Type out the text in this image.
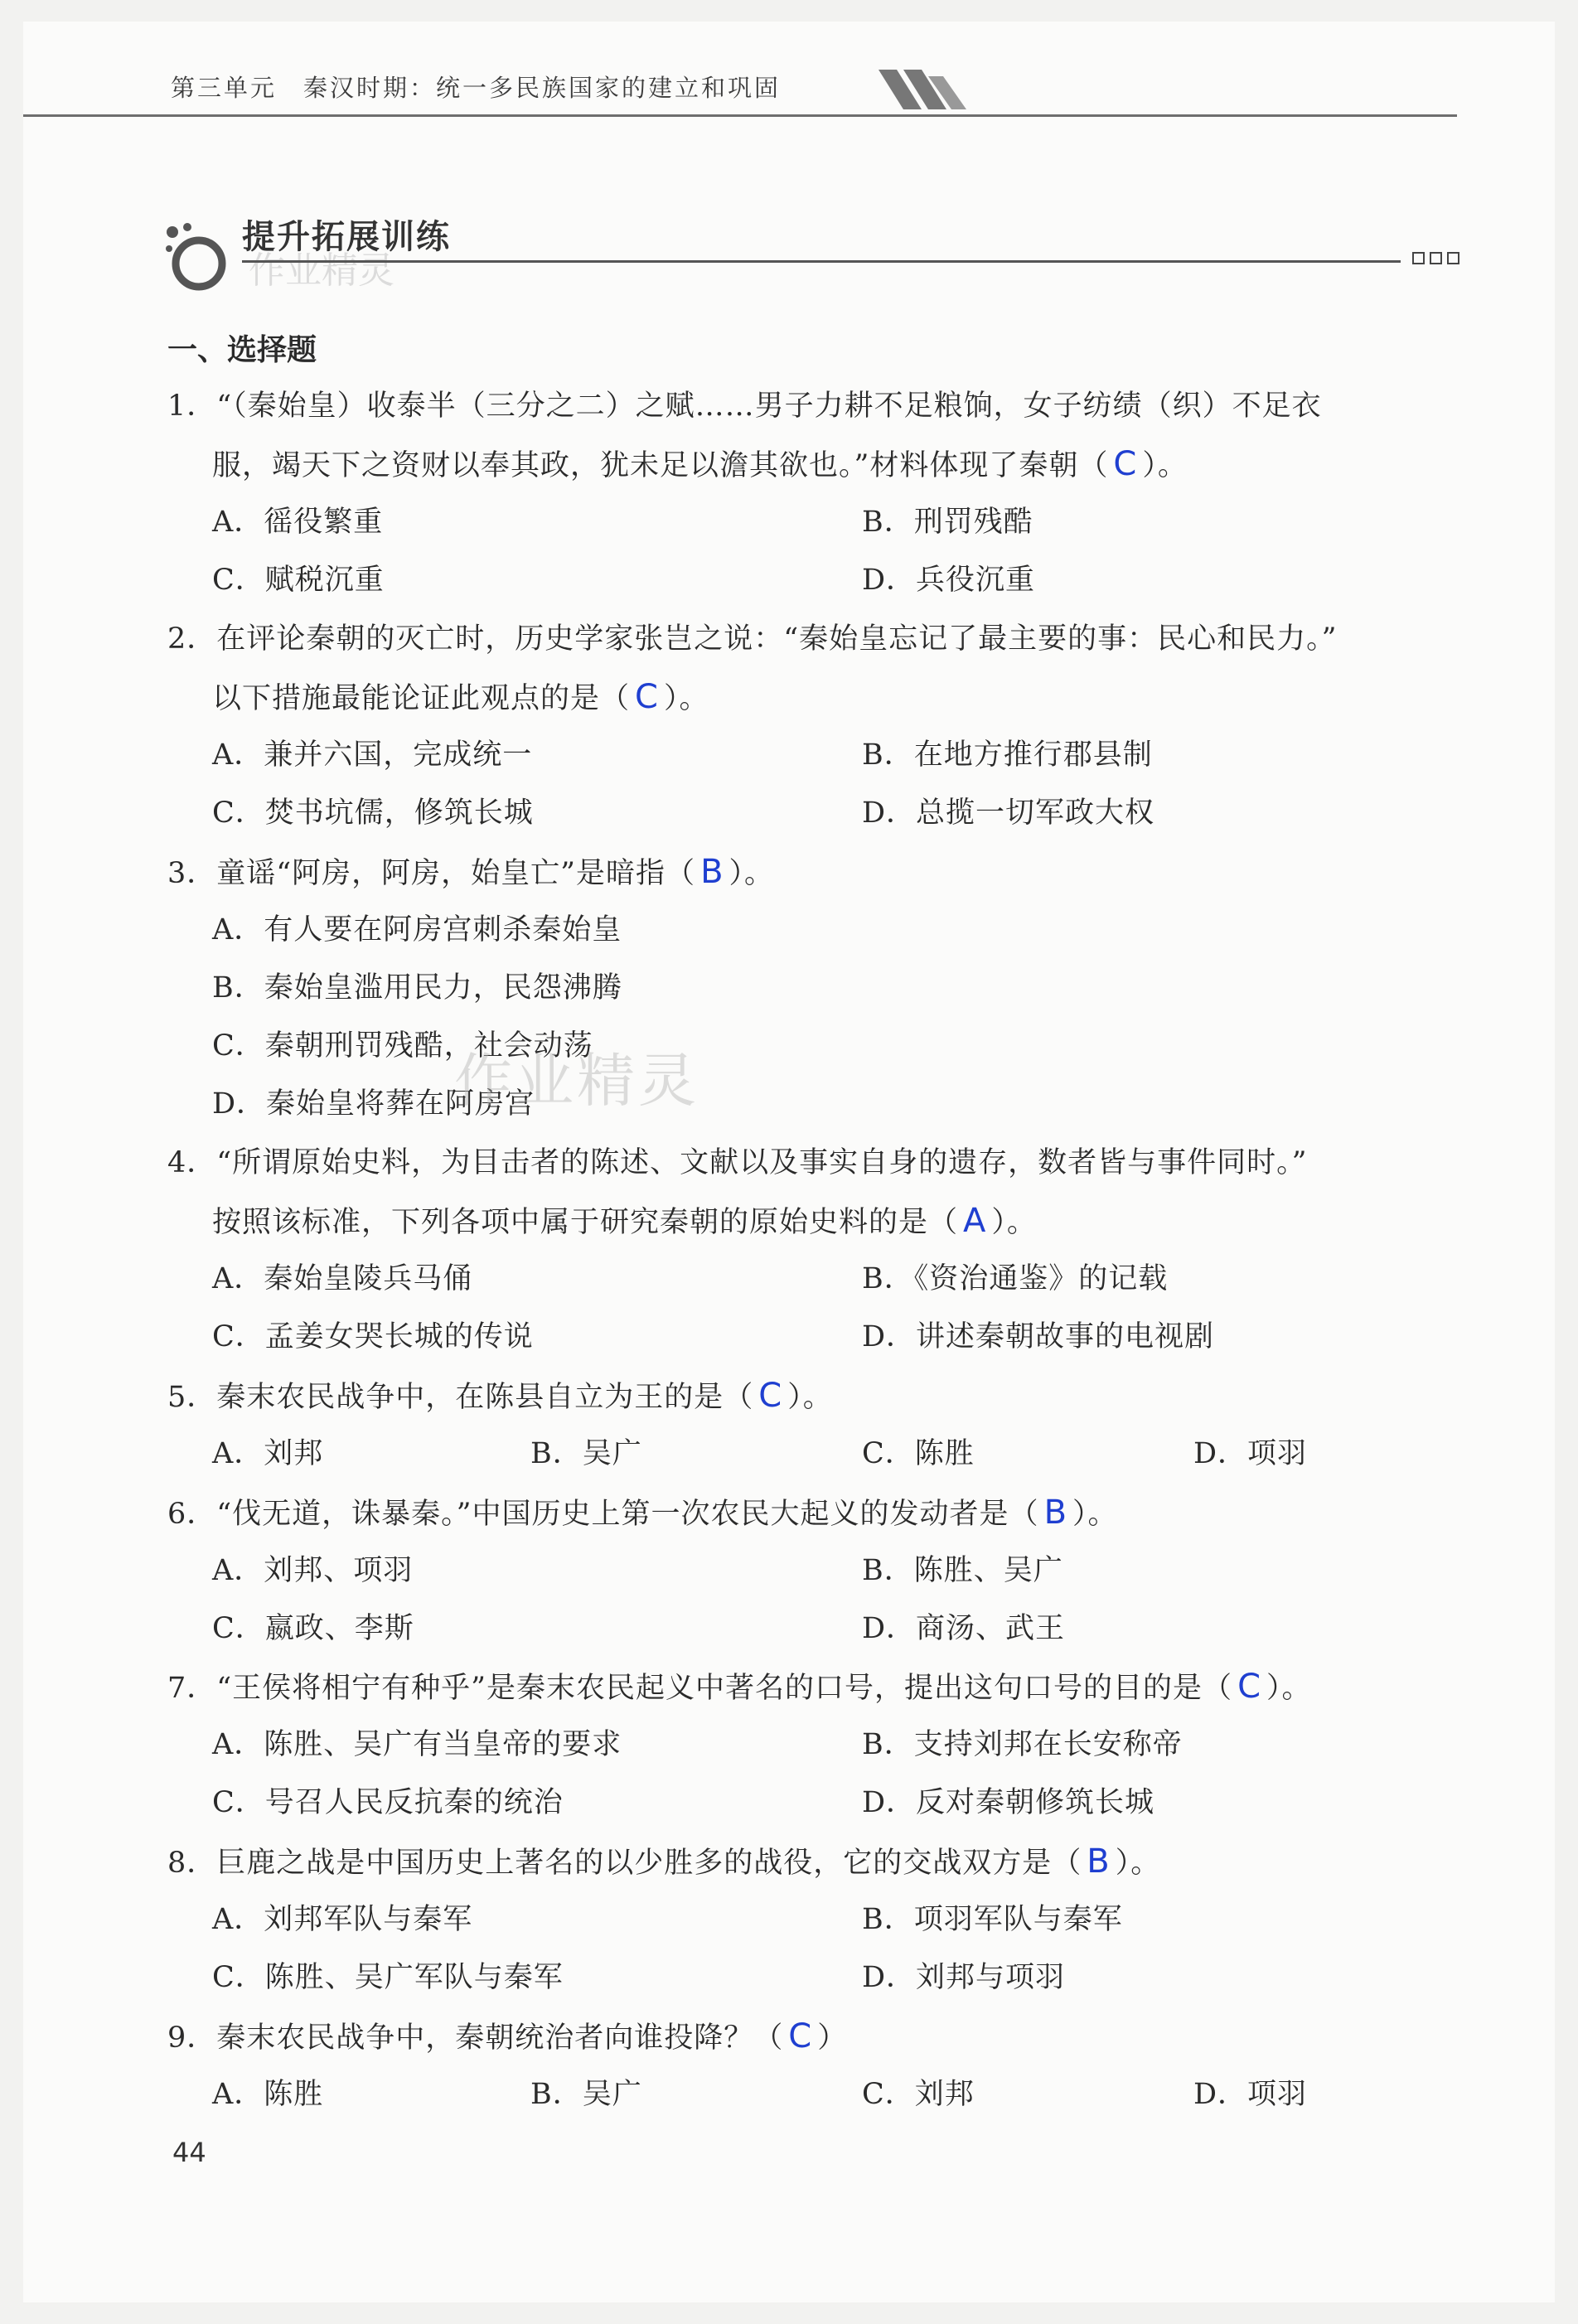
第三单元　秦汉时期：统一多民族国家的建立和巩固
提升拓展训练
作业精灵
一、选择题
1．“（秦始皇）收泰半（三分之二）之赋……男子力耕不足粮饷，女子纺绩（织）不足衣
服，竭天下之资财以奉其政，犹未足以澹其欲也。”材料体现了秦朝（ C ）。
A．徭役繁重	B．刑罚残酷
C．赋税沉重	D．兵役沉重
2．在评论秦朝的灭亡时，历史学家张岂之说：“秦始皇忘记了最主要的事：民心和民力。”
以下措施最能论证此观点的是（ C ）。
A．兼并六国，完成统一	B．在地方推行郡县制
C．焚书坑儒，修筑长城	D．总揽一切军政大权
3．童谣“阿房，阿房，始皇亡”是暗指（ B ）。
A．有人要在阿房宫刺杀秦始皇
B．秦始皇滥用民力，民怨沸腾
C．秦朝刑罚残酷，社会动荡
D．秦始皇将葬在阿房宫
作业精灵
4．“所谓原始史料，为目击者的陈述、文献以及事实自身的遗存，数者皆与事件同时。”
按照该标准，下列各项中属于研究秦朝的原始史料的是（ A ）。
A．秦始皇陵兵马俑	B．《资治通鉴》的记载
C．孟姜女哭长城的传说	D．讲述秦朝故事的电视剧
5．秦末农民战争中，在陈县自立为王的是（ C ）。
A．刘邦	B．吴广	C．陈胜	D．项羽
6．“伐无道，诛暴秦。”中国历史上第一次农民大起义的发动者是（ B ）。
A．刘邦、项羽	B．陈胜、吴广
C．嬴政、李斯	D．商汤、武王
7．“王侯将相宁有种乎”是秦末农民起义中著名的口号，提出这句口号的目的是（ C ）。
A．陈胜、吴广有当皇帝的要求	B．支持刘邦在长安称帝
C．号召人民反抗秦的统治	D．反对秦朝修筑长城
8．巨鹿之战是中国历史上著名的以少胜多的战役，它的交战双方是（ B ）。
A．刘邦军队与秦军	B．项羽军队与秦军
C．陈胜、吴广军队与秦军	D．刘邦与项羽
9．秦末农民战争中，秦朝统治者向谁投降？（ C ）
A．陈胜	B．吴广	C．刘邦	D．项羽
44
